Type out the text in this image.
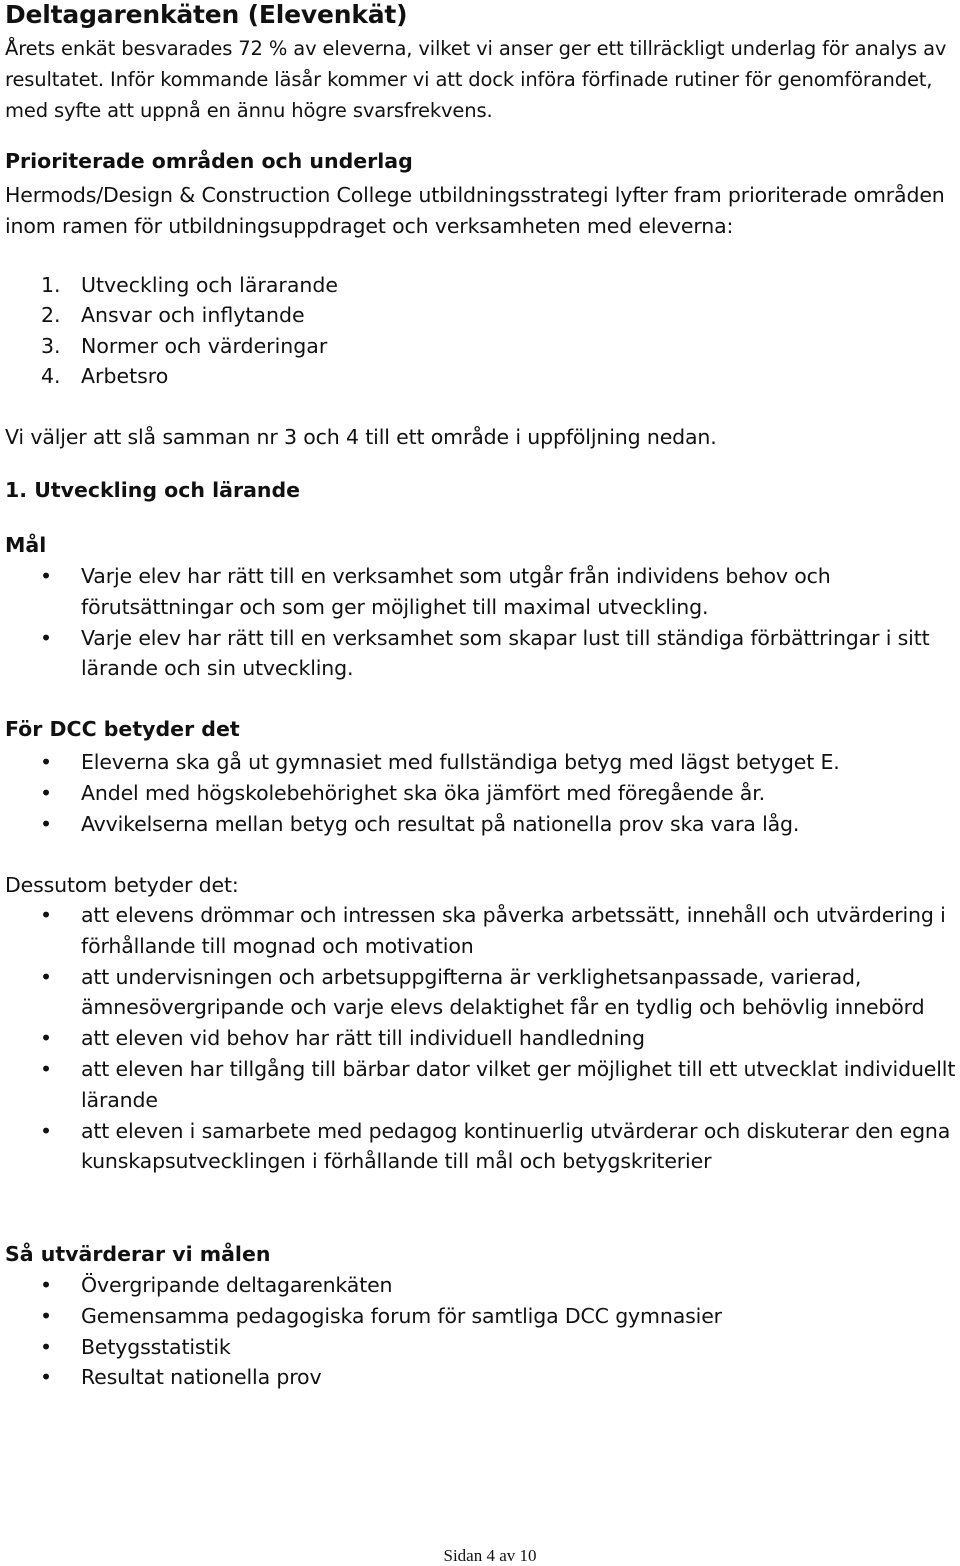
Deltagarenkäten (Elevenkät)

Årets enkät besvarades 72 % av eleverna, vilket vi anser ger ett tillräckligt underlag för analys av resultatet. Inför kommande läsår kommer vi att dock införa förfinade rutiner för genomförandet, med syfte att uppnå en ännu högre svarsfrekvens.

Prioriterade områden och underlag

Hermods/Design & Construction College utbildningsstrategi lyfter fram prioriterade områden inom ramen för utbildningsuppdraget och verksamheten med eleverna:

1. Utveckling och lärarande
2. Ansvar och inflytande
3. Normer och värderingar
4. Arbetsro

Vi väljer att slå samman nr 3 och 4 till ett område i uppföljning nedan.

1. Utveckling och lärande
Mål
• Varje elev har rätt till en verksamhet som utgår från individens behov och förutsättningar och som ger möjlighet till maximal utveckling.
• Varje elev har rätt till en verksamhet som skapar lust till ständiga förbättringar i sitt lärande och sin utveckling.
För DCC betyder det
• Eleverna ska gå ut gymnasiet med fullständiga betyg med lägst betyget E.
• Andel med högskolebehörighet ska öka jämfört med föregående år.
• Avvikelserna mellan betyg och resultat på nationella prov ska vara låg.

Dessutom betyder det:

• att elevens drömmar och intressen ska påverka arbetssätt, innehåll och utvärdering i förhållande till mognad och motivation
• att undervisningen och arbetsuppgifterna är verklighetsanpassade, varierad, ämnesövergripande och varje elevs delaktighet får en tydlig och behövlig innebörd
• att eleven vid behov har rätt till individuell handledning
• att eleven har tillgång till bärbar dator vilket ger möjlighet till ett utvecklat individuellt lärande
• att eleven i samarbete med pedagog kontinuerlig utvärderar och diskuterar den egna kunskapsutvecklingen i förhållande till mål och betygskriterier
Så utvärderar vi målen
• Övergripande deltagarenkäten
• Gemensamma pedagogiska forum för samtliga DCC gymnasier
• Betygsstatistik
• Resultat nationella prov
Sidan 4 av 10
